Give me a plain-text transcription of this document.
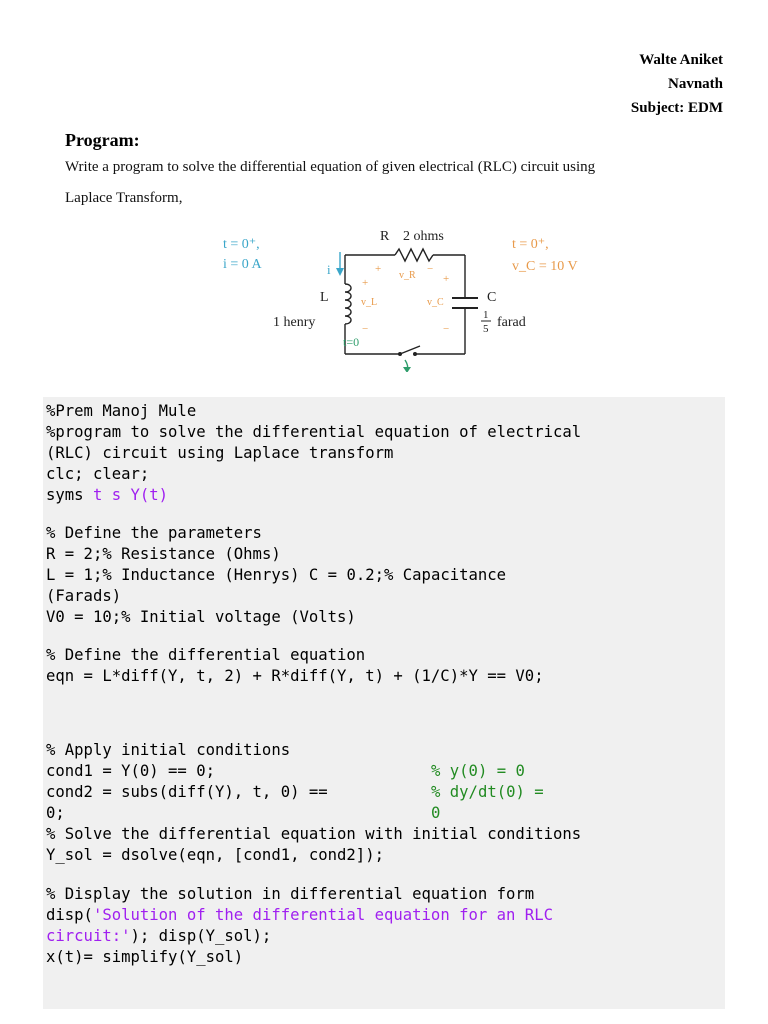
Walte Aniket
Navnath
Subject: EDM
Program:
Write a program to solve the differential equation of given electrical (RLC) circuit using
Laplace Transform,
t = 0⁺,
i = 0 A
t = 0⁺,
v_C = 10 V
R 2 ohms
i
L
1 henry
C
1
5 farad
t=0
+	−
+
−
+
−
v_R
v_L	v_C
%Prem Manoj Mule
%program to solve the differential equation of electrical
(RLC) circuit using Laplace transform
clc; clear;
syms t s Y(t)
% Define the parameters
R = 2;% Resistance (Ohms)
L = 1;% Inductance (Henrys) C = 0.2;% Capacitance
(Farads)
V0 = 10;% Initial voltage (Volts)
% Define the differential equation
eqn = L*diff(Y, t, 2) + R*diff(Y, t) + (1/C)*Y == V0;
% Apply initial conditions
cond1 = Y(0) == 0;	% y(0) = 0
cond2 = subs(diff(Y), t, 0) ==	% dy/dt(0) =
0;	0
% Solve the differential equation with initial conditions
Y_sol = dsolve(eqn, [cond1, cond2]);
% Display the solution in differential equation form
disp('Solution of the differential equation for an RLC
circuit:'); disp(Y_sol);
x(t)= simplify(Y_sol)
